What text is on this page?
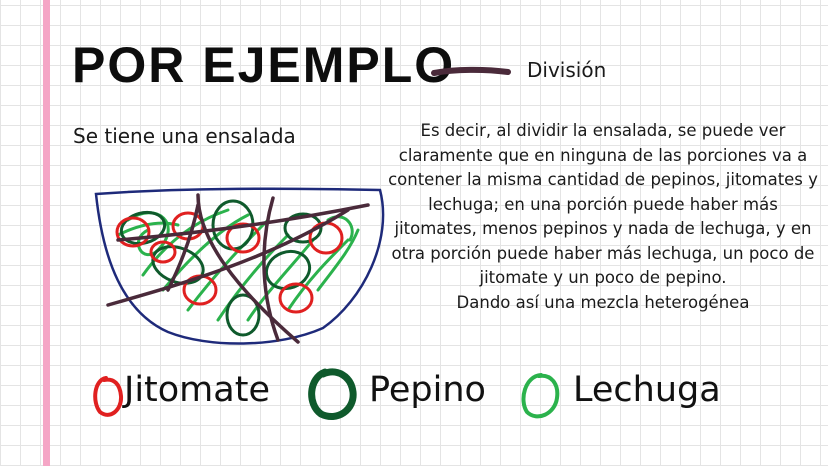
POR EJEMPLO	División
Se tiene una ensalada	Es decir, al dividir la ensalada, se puede ver claramente que en ninguna de las porciones va a contener la misma cantidad de pepinos, jitomates y lechuga; en una porción puede haber más jitomates, menos pepinos y nada de lechuga, y en otra porción puede haber más lechuga, un poco de jitomate y un poco de pepino.

Dando así una mezcla heterogénea

Jitomate	Pepino Lechuga
